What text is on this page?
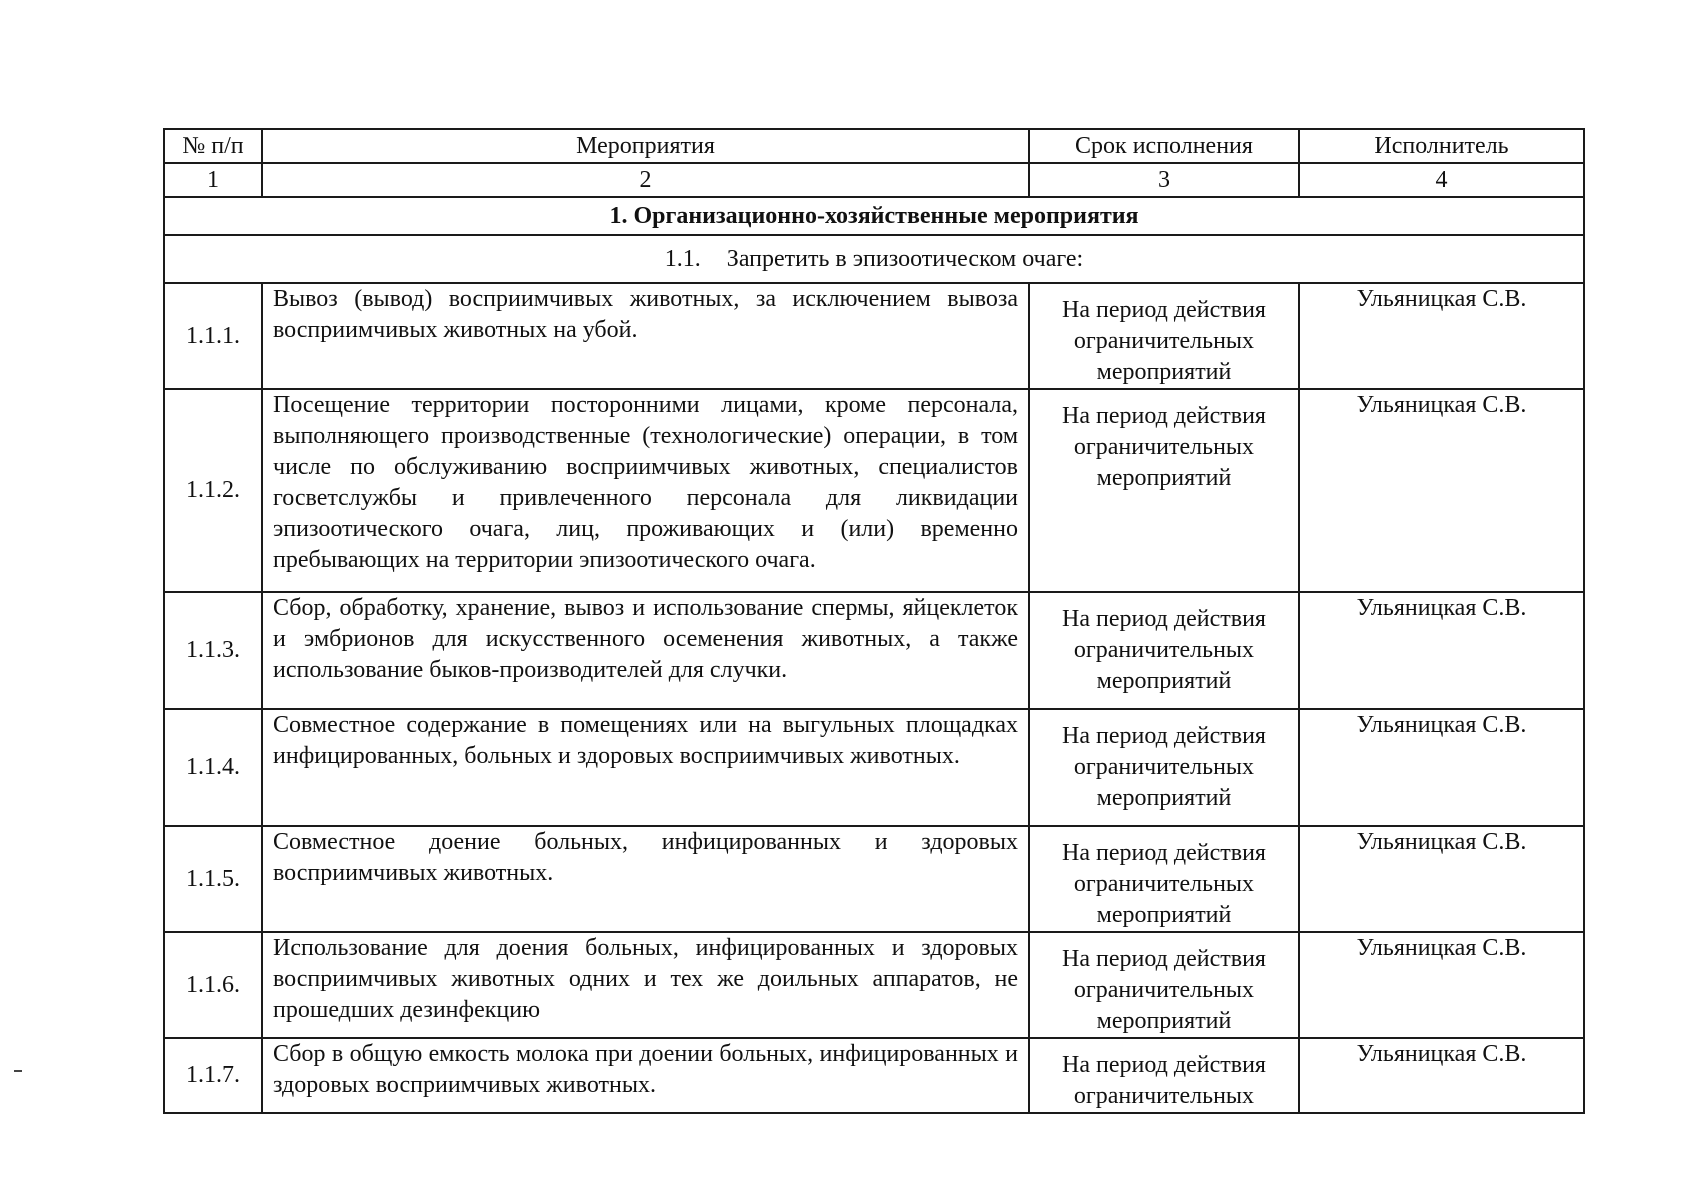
№ п/п	Мероприятия	Срок исполнения	Исполнитель
1	2	3	4
1. Организационно-хозяйственные мероприятия			
1.1. Запретить в эпизоотическом очаге:			
1.1.1.	Вывоз (вывод) восприимчивых животных, за исключением вывоза восприимчивых животных на убой.	На период действия ограничительных мероприятий	Ульяницкая С.В.
1.1.2.	Посещение территории посторонними лицами, кроме персонала, выполняющего производственные (технологические) операции, в том числе по обслуживанию восприимчивых животных, специалистов госветслужбы и привлеченного персонала для ликвидации эпизоотического очага, лиц, проживающих и (или) временно пребывающих на территории эпизоотического очага.	На период действия ограничительных мероприятий	Ульяницкая С.В.
1.1.3.	Сбор, обработку, хранение, вывоз и использование спермы, яйцеклеток и эмбрионов для искусственного осеменения животных, а также использование быков-производителей для случки.	На период действия ограничительных мероприятий	Ульяницкая С.В.
1.1.4.	Совместное содержание в помещениях или на выгульных площадках инфицированных, больных и здоровых восприимчивых животных.	На период действия ограничительных мероприятий	Ульяницкая С.В.
1.1.5.	Совместное доение больных, инфицированных и здоровых восприимчивых животных.	На период действия ограничительных мероприятий	Ульяницкая С.В.
1.1.6.	Использование для доения больных, инфицированных и здоровых восприимчивых животных одних и тех же доильных аппаратов, не прошедших дезинфекцию	На период действия ограничительных мероприятий	Ульяницкая С.В.
1.1.7.	Сбор в общую емкость молока при доении больных, инфицированных и здоровых восприимчивых животных.	На период действия ограничительных	Ульяницкая С.В.
